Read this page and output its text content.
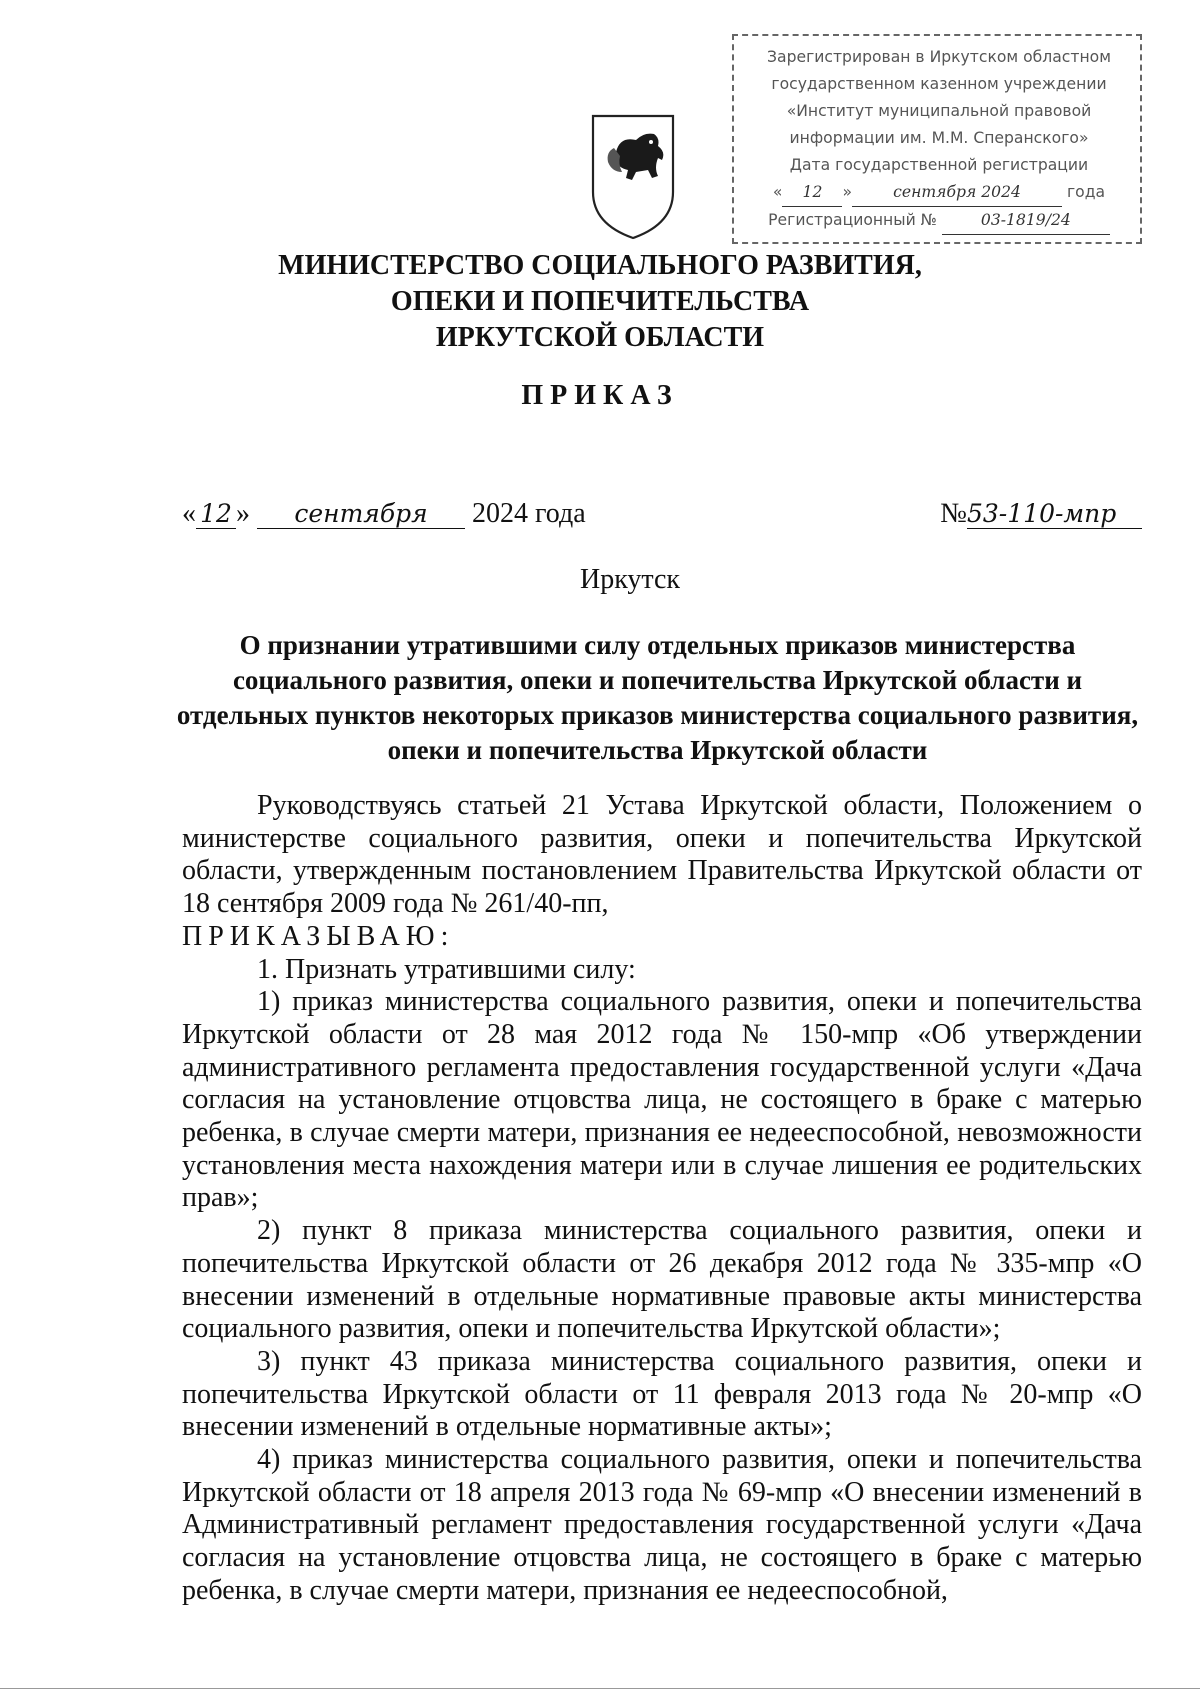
Зарегистрирован в Иркутском областном
государственном казенном учреждении
«Институт муниципальной правовой
информации им. М.М. Сперанского»
Дата государственной регистрации
« 12 »	сентября 2024	года
Регистрационный №	03-1819/24
МИНИСТЕРСТВО СОЦИАЛЬНОГО РАЗВИТИЯ,
ОПЕКИ И ПОПЕЧИТЕЛЬСТВА
ИРКУТСКОЙ ОБЛАСТИ
ПРИКАЗ
« 12 » сентября 2024 года	№53-110-мпр
Иркутск
О признании утратившими силу отдельных приказов министерства социального развития, опеки и попечительства Иркутской области и отдельных пунктов некоторых приказов министерства социального развития, опеки и попечительства Иркутской области

Руководствуясь статьей 21 Устава Иркутской области, Положением о министерстве социального развития, опеки и попечительства Иркутской области, утвержденным постановлением Правительства Иркутской области от 18 сентября 2009 года № 261/40-пп,

ПРИКАЗЫВАЮ:

1. Признать утратившими силу:

1) приказ министерства социального развития, опеки и попечительства Иркутской области от 28 мая 2012 года № 150-мпр «Об утверждении административного регламента предоставления государственной услуги «Дача согласия на установление отцовства лица, не состоящего в браке с матерью ребенка, в случае смерти матери, признания ее недееспособной, невозможности установления места нахождения матери или в случае лишения ее родительских прав»;

2) пункт 8 приказа министерства социального развития, опеки и попечительства Иркутской области от 26 декабря 2012 года № 335-мпр «О внесении изменений в отдельные нормативные правовые акты министерства социального развития, опеки и попечительства Иркутской области»;

3) пункт 43 приказа министерства социального развития, опеки и попечительства Иркутской области от 11 февраля 2013 года № 20-мпр «О внесении изменений в отдельные нормативные акты»;

4) приказ министерства социального развития, опеки и попечительства Иркутской области от 18 апреля 2013 года № 69-мпр «О внесении изменений в Административный регламент предоставления государственной услуги «Дача согласия на установление отцовства лица, не состоящего в браке с матерью ребенка, в случае смерти матери, признания ее недееспособной,
